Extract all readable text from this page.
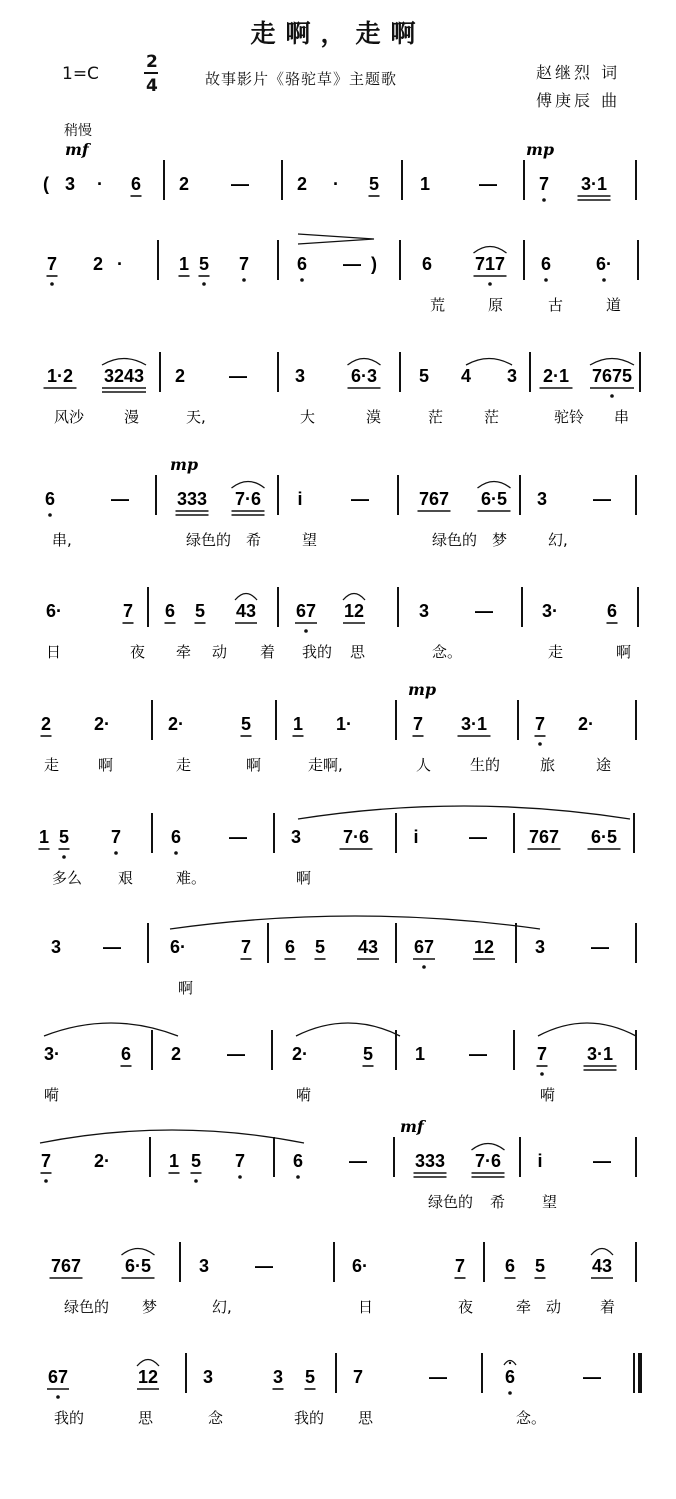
走啊，走啊
1=C
2
4	故事影片《骆驼草》主题歌	赵继烈 词
傅庚辰 曲
稍慢
mf	mp
( 3 · 6 2 —	2 · 5 1	— 7 3·1
7 2 ·	1 5 7	6 — ) 6 717 6 6·
荒	原	古	道
1·2 3243 2 —	3	6·3 5 4 3 2·1 7675
风沙	漫	天,	大	漠	茫	茫	驼铃 串
mp
6	—	333 7·6 i	—	767 6·5 3	—
串,	绿色的 希	望	绿色的 梦	幻,
6·	7 6 5 43 67 12	3	—	3·	6
日	夜 牵 动 着 我的 思	念。	走	啊
mp
2 2·	2·	5 1 1·	7 3·1	7 2·
走	啊	走	啊	走啊,	人	生的	旅	途
1 5 7	6	— 3 7·6 i	— 767 6·5
多么 艰	难。	啊
3 —	6·	7 6 5 43 67 12 3	—
啊
3·	6 2	—	2·	5 1 —	7 3·1
嗬	嗬	嗬
mf
7 2·	1 5 7	6	—	333 7·6 i	—
绿色的 希 望
767 6·5	3	—	6·	7 6 5	43
绿色的 梦	幻,	日	夜	牵 动	着
67	12 3	3 5 7	—	6	—
我的	思	念	我的 思	念。
